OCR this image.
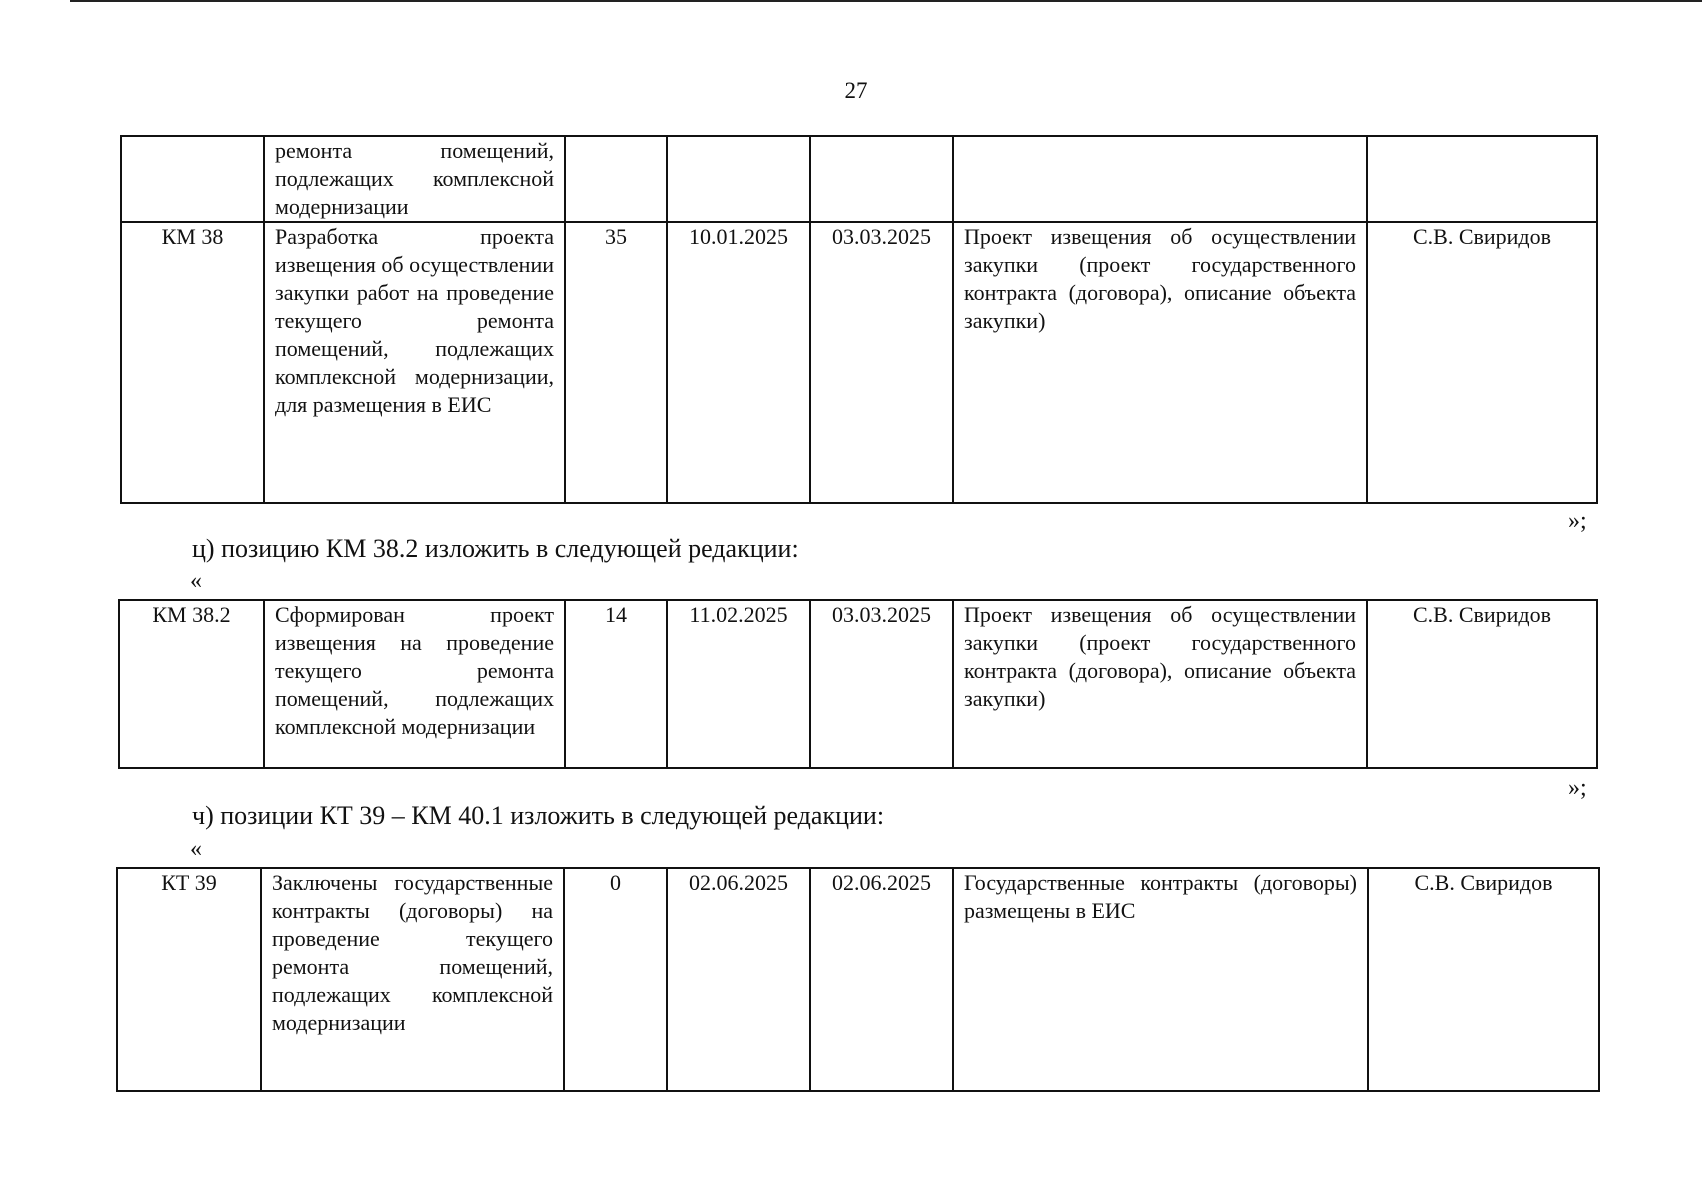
27
	ремонта помещений, подлежащих комплексной модернизации					
КМ 38	Разработка проекта извещения об осуществлении закупки работ на проведение текущего ремонта помещений, подлежащих комплексной модернизации, для размещения в ЕИС	35	10.01.2025	03.03.2025	Проект извещения об осуществлении закупки (проект государственного контракта (договора), описание объекта закупки)	С.В. Свиридов
»;
ц) позицию КМ 38.2 изложить в следующей редакции:
«
КМ 38.2	Сформирован проект извещения на проведение текущего ремонта помещений, подлежащих комплексной модернизации	14	11.02.2025	03.03.2025	Проект извещения об осуществлении закупки (проект государственного контракта (договора), описание объекта закупки)	С.В. Свиридов
»;
ч) позиции КТ 39 – КМ 40.1 изложить в следующей редакции:
«
КТ 39	Заключены государственные контракты (договоры) на проведение текущего ремонта помещений, подлежащих комплексной модернизации	0	02.06.2025	02.06.2025	Государственные контракты (договоры) размещены в ЕИС	С.В. Свиридов
